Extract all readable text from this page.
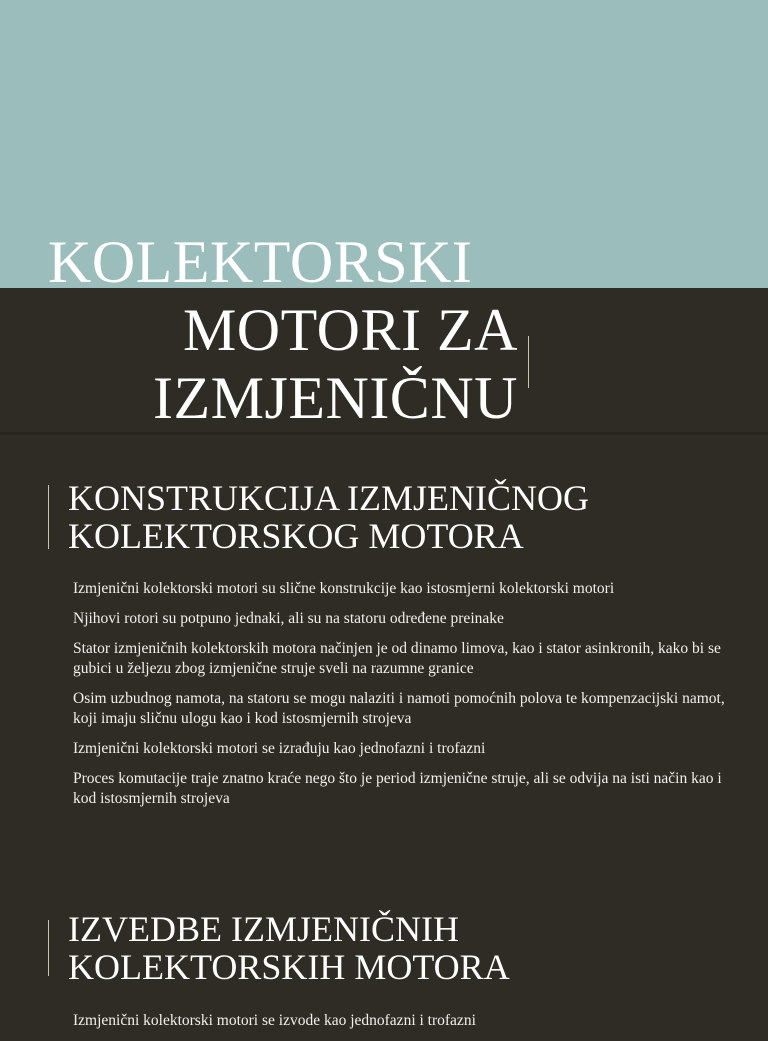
KOLEKTORSKI
MOTORI ZA
IZMJENIČNU
KONSTRUKCIJA IZMJENIČNOG
KOLEKTORSKOG MOTORA
Izmjenični kolektorski motori su slične konstrukcije kao istosmjerni kolektorski motori
Njihovi rotori su potpuno jednaki, ali su na statoru određene preinake
Stator izmjeničnih kolektorskih motora načinjen je od dinamo limova, kao i stator asinkronih, kako bi se gubici u željezu zbog izmjenične struje sveli na razumne granice
Osim uzbudnog namota, na statoru se mogu nalaziti i namoti pomoćnih polova te kompenzacijski namot, koji imaju sličnu ulogu kao i kod istosmjernih strojeva
Izmjenični kolektorski motori se izrađuju kao jednofazni i trofazni
Proces komutacije traje znatno kraće nego što je period izmjenične struje, ali se odvija na isti način kao i kod istosmjernih strojeva
IZVEDBE IZMJENIČNIH
KOLEKTORSKIH MOTORA
Izmjenični kolektorski motori se izvode kao jednofazni i trofazni
